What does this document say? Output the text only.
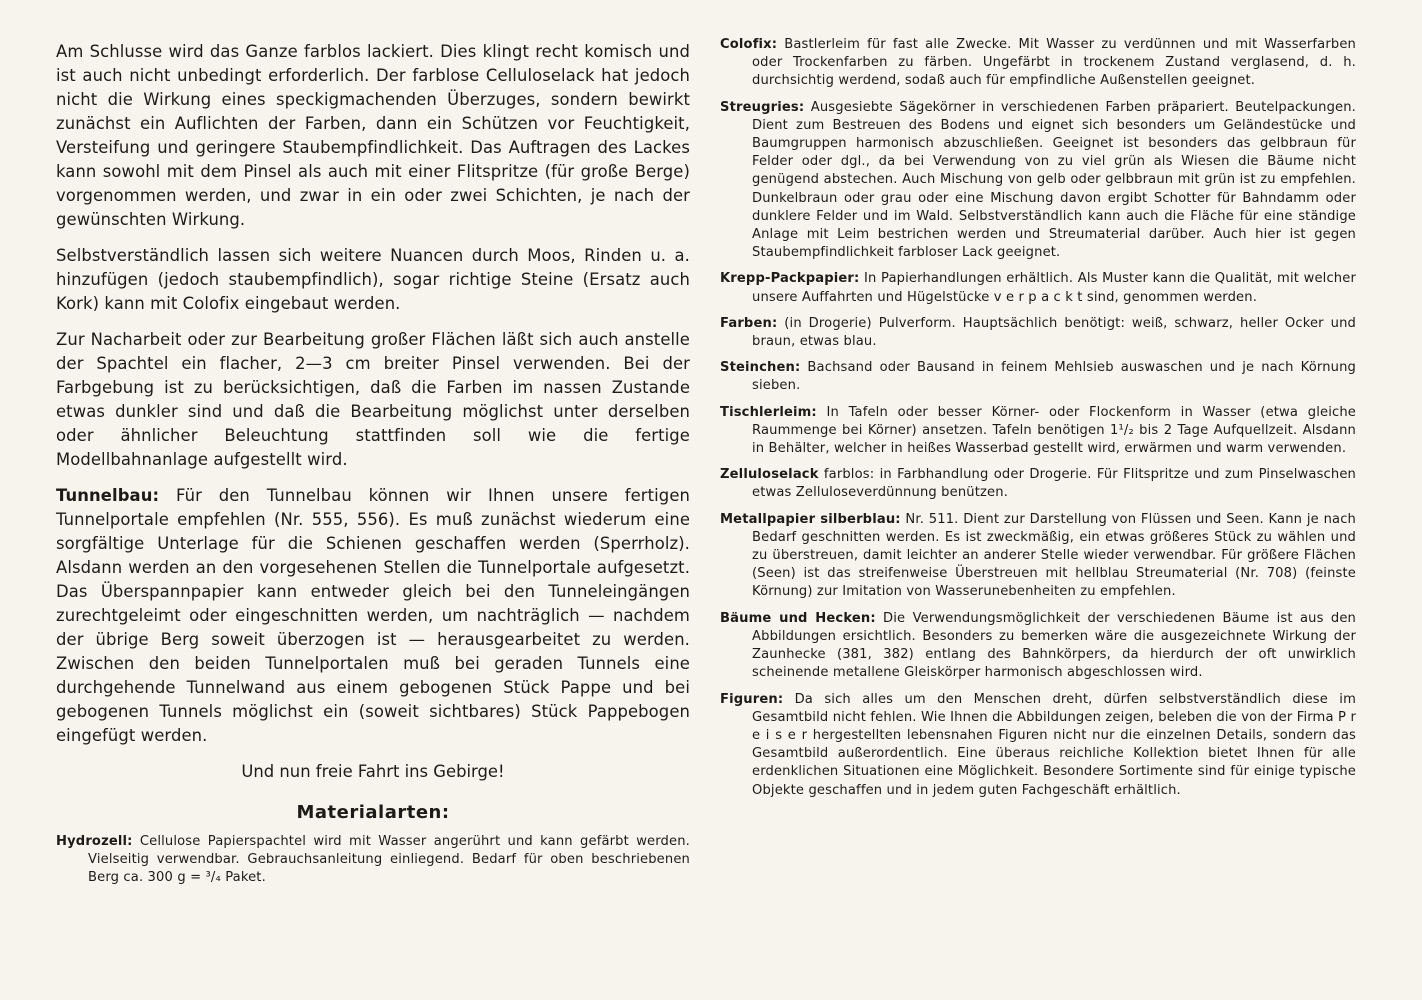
Am Schlusse wird das Ganze farblos lackiert. Dies klingt recht komisch und ist auch nicht unbedingt erforderlich. Der farblose Celluloselack hat jedoch nicht die Wirkung eines speckigmachenden Überzuges, sondern bewirkt zunächst ein Auflichten der Farben, dann ein Schützen vor Feuchtigkeit, Versteifung und geringere Staubempfindlichkeit. Das Auftragen des Lackes kann sowohl mit dem Pinsel als auch mit einer Flitspritze (für große Berge) vorgenommen werden, und zwar in ein oder zwei Schichten, je nach der gewünschten Wirkung.

Selbstverständlich lassen sich weitere Nuancen durch Moos, Rinden u. a. hinzufügen (jedoch staubempfindlich), sogar richtige Steine (Ersatz auch Kork) kann mit Colofix eingebaut werden.

Zur Nacharbeit oder zur Bearbeitung großer Flächen läßt sich auch anstelle der Spachtel ein flacher, 2—3 cm breiter Pinsel verwenden. Bei der Farbgebung ist zu berücksichtigen, daß die Farben im nassen Zustande etwas dunkler sind und daß die Bearbeitung möglichst unter derselben oder ähnlicher Beleuchtung stattfinden soll wie die fertige Modellbahnanlage aufgestellt wird.

Tunnelbau: Für den Tunnelbau können wir Ihnen unsere fertigen Tunnelportale empfehlen (Nr. 555, 556). Es muß zunächst wiederum eine sorgfältige Unterlage für die Schienen geschaffen werden (Sperrholz). Alsdann werden an den vorgesehenen Stellen die Tunnelportale aufgesetzt. Das Überspannpapier kann entweder gleich bei den Tunneleingängen zurechtgeleimt oder eingeschnitten werden, um nachträglich — nachdem der übrige Berg soweit überzogen ist — herausgearbeitet zu werden. Zwischen den beiden Tunnelportalen muß bei geraden Tunnels eine durchgehende Tunnelwand aus einem gebogenen Stück Pappe und bei gebogenen Tunnels möglichst ein (soweit sichtbares) Stück Pappebogen eingefügt werden.

Und nun freie Fahrt ins Gebirge!

Materialarten:

Hydrozell: Cellulose Papierspachtel wird mit Wasser angerührt und kann gefärbt werden. Vielseitig verwendbar. Gebrauchsanleitung einliegend. Bedarf für oben beschriebenen Berg ca. 300 g = ³/₄ Paket.

Colofix: Bastlerleim für fast alle Zwecke. Mit Wasser zu verdünnen und mit Wasserfarben oder Trockenfarben zu färben. Ungefärbt in trockenem Zustand verglasend, d. h. durchsichtig werdend, sodaß auch für empfindliche Außenstellen geeignet.

Streugries: Ausgesiebte Sägekörner in verschiedenen Farben präpariert. Beutelpackungen. Dient zum Bestreuen des Bodens und eignet sich besonders um Geländestücke und Baumgruppen harmonisch abzuschließen. Geeignet ist besonders das gelbbraun für Felder oder dgl., da bei Verwendung von zu viel grün als Wiesen die Bäume nicht genügend abstechen. Auch Mischung von gelb oder gelbbraun mit grün ist zu empfehlen. Dunkelbraun oder grau oder eine Mischung davon ergibt Schotter für Bahndamm oder dunklere Felder und im Wald. Selbstverständlich kann auch die Fläche für eine ständige Anlage mit Leim bestrichen werden und Streumaterial darüber. Auch hier ist gegen Staubempfindlichkeit farbloser Lack geeignet.

Krepp-Packpapier: In Papierhandlungen erhältlich. Als Muster kann die Qualität, mit welcher unsere Auffahrten und Hügelstücke v e r p a c k t sind, genommen werden.

Farben: (in Drogerie) Pulverform. Hauptsächlich benötigt: weiß, schwarz, heller Ocker und braun, etwas blau.

Steinchen: Bachsand oder Bausand in feinem Mehlsieb auswaschen und je nach Körnung sieben.

Tischlerleim: In Tafeln oder besser Körner- oder Flockenform in Wasser (etwa gleiche Raummenge bei Körner) ansetzen. Tafeln benötigen 1¹/₂ bis 2 Tage Aufquellzeit. Alsdann in Behälter, welcher in heißes Wasserbad gestellt wird, erwärmen und warm verwenden.

Zelluloselack farblos: in Farbhandlung oder Drogerie. Für Flitspritze und zum Pinselwaschen etwas Zelluloseverdünnung benützen.

Metallpapier silberblau: Nr. 511. Dient zur Darstellung von Flüssen und Seen. Kann je nach Bedarf geschnitten werden. Es ist zweckmäßig, ein etwas größeres Stück zu wählen und zu überstreuen, damit leichter an anderer Stelle wieder verwendbar. Für größere Flächen (Seen) ist das streifenweise Überstreuen mit hellblau Streumaterial (Nr. 708) (feinste Körnung) zur Imitation von Wasserunebenheiten zu empfehlen.

Bäume und Hecken: Die Verwendungsmöglichkeit der verschiedenen Bäume ist aus den Abbildungen ersichtlich. Besonders zu bemerken wäre die ausgezeichnete Wirkung der Zaunhecke (381, 382) entlang des Bahnkörpers, da hierdurch der oft unwirklich scheinende metallene Gleiskörper harmonisch abgeschlossen wird.

Figuren: Da sich alles um den Menschen dreht, dürfen selbstverständlich diese im Gesamtbild nicht fehlen. Wie Ihnen die Abbildungen zeigen, beleben die von der Firma P r e i s e r hergestellten lebensnahen Figuren nicht nur die einzelnen Details, sondern das Gesamtbild außerordentlich. Eine überaus reichliche Kollektion bietet Ihnen für alle erdenklichen Situationen eine Möglichkeit. Besondere Sortimente sind für einige typische Objekte geschaffen und in jedem guten Fachgeschäft erhältlich.
